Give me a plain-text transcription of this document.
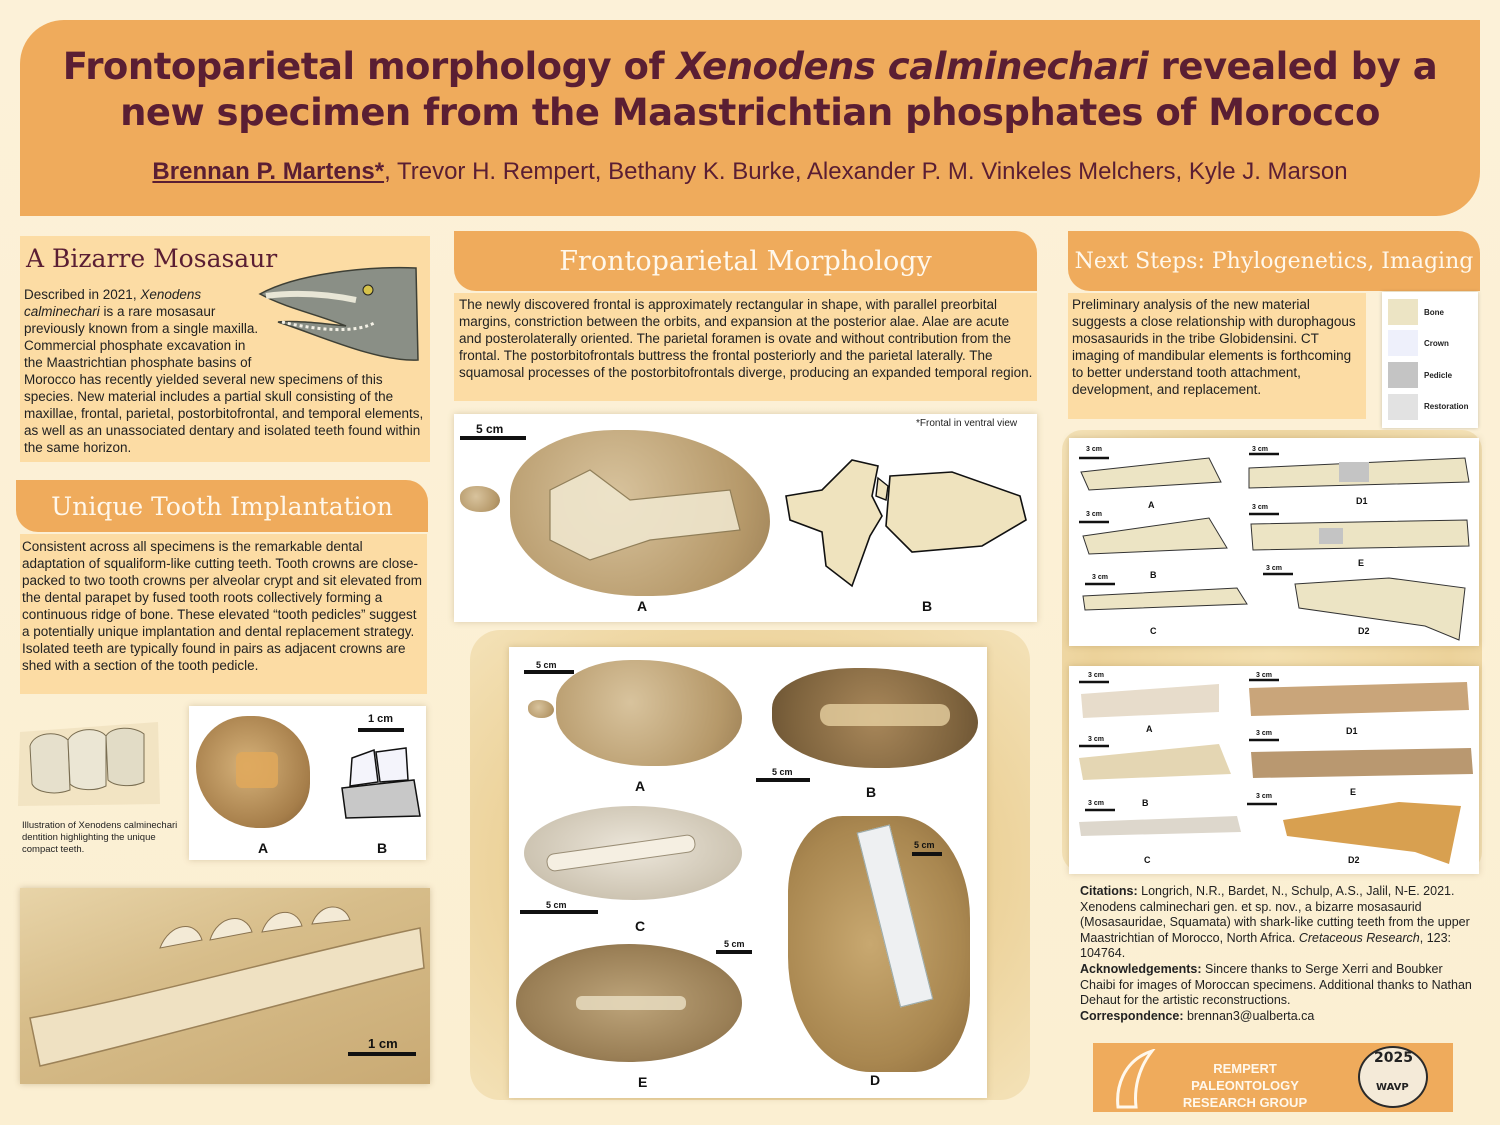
Frontoparietal morphology of Xenodens calminechari revealed by a new specimen from the Maastrichtian phosphates of Morocco
Brennan P. Martens*, Trevor H. Rempert, Bethany K. Burke, Alexander P. M. Vinkeles Melchers, Kyle J. Marson
A Bizarre Mosasaur
Described in 2021, Xenodens calminechari is a rare mosasaur previously known from a single maxilla. Commercial phosphate excavation in the Maastrichtian phosphate basins of Morocco has recently yielded several new specimens of this species. New material includes a partial skull consisting of the maxillae, frontal, parietal, postorbitofrontal, and temporal elements, as well as an unassociated dentary and isolated teeth found within the same horizon.
Unique Tooth Implantation
Consistent across all specimens is the remarkable dental adaptation of squaliform-like cutting teeth. Tooth crowns are close-packed to two tooth crowns per alveolar crypt and sit elevated from the dental parapet by fused tooth roots collectively forming a continuous ridge of bone. These elevated “tooth pedicles” suggest a potentially unique implantation and dental replacement strategy. Isolated teeth are typically found in pairs as adjacent crowns are shed with a section of the tooth pedicle.
Illustration of Xenodens calminechari dentition highlighting the unique compact teeth.	A
1 cm
B
1 cm
Frontoparietal Morphology
The newly discovered frontal is approximately rectangular in shape, with parallel preorbital margins, constriction between the orbits, and expansion at the posterior alae. Alae are acute and posterolaterally oriented. The parietal foramen is ovate and without contribution from the frontal. The postorbitofrontals buttress the frontal posteriorly and the parietal laterally. The squamosal processes of the postorbitofrontals diverge, producing an expanded temporal region.
5 cm	*Frontal in ventral view
A	B
5 cm
A
5 cm
B
5 cm
C
5 cm
D
5 cm
E
Next Steps: Phylogenetics, Imaging
Preliminary analysis of the new material suggests a close relationship with durophagous mosasaurids in the tribe Globidensini. CT imaging of mandibular elements is forthcoming to better understand tooth attachment, development, and replacement.
Bone
Crown
Pedicle
Restoration
3 cm
3 cm
3 cm
3 cm
3 cm
3 cm
A
B
C
D1
E
D2
3 cm
3 cm
3 cm
3 cm
3 cm
3 cm
A
B
C
D1
E
D2
Citations: Longrich, N.R., Bardet, N., Schulp, A.S., Jalil, N-E. 2021. Xenodens calminechari gen. et sp. nov., a bizarre mosasaurid (Mosasauridae, Squamata) with shark-like cutting teeth from the upper Maastrichtian of Morocco, North Africa. Cretaceous Research, 123: 104764.
Acknowledgements: Sincere thanks to Serge Xerri and Boubker Chaibi for images of Moroccan specimens. Additional thanks to Nathan Dehaut for the artistic reconstructions.
Correspondence: brennan3@ualberta.ca
REMPERT PALEONTOLOGY
RESEARCH GROUP
2025
WAVP
